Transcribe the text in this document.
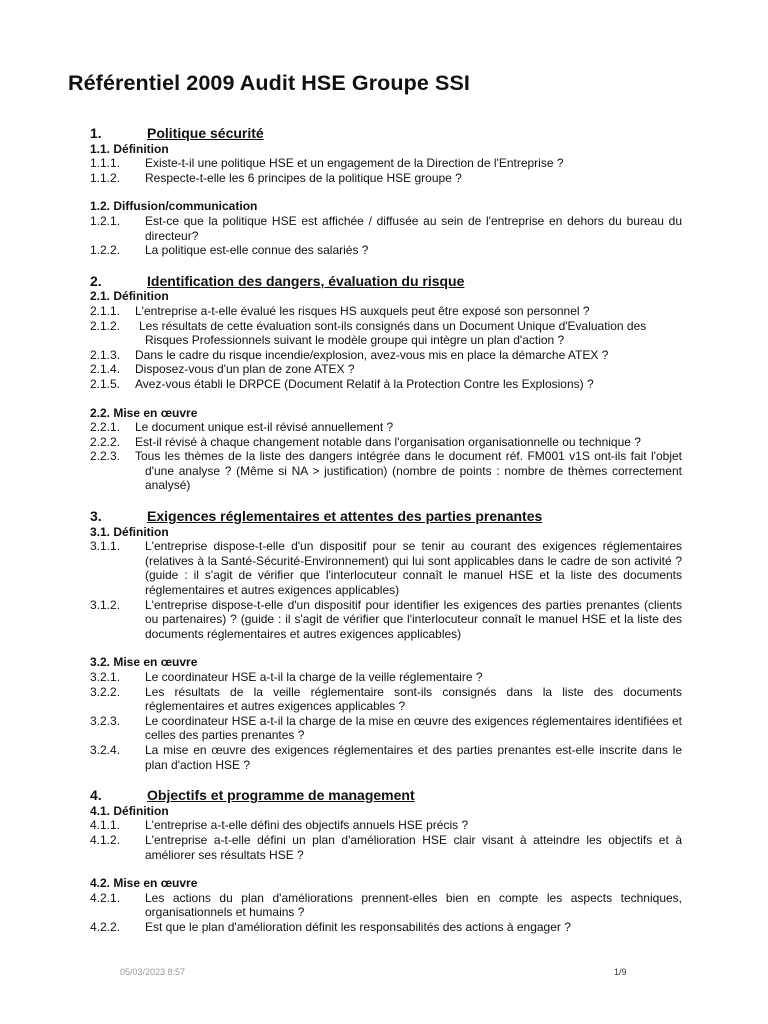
Référentiel 2009 Audit HSE Groupe SSI
1.	Politique sécurité
1.1. Définition
1.1.1.	Existe-t-il une politique HSE et un engagement de la Direction de l'Entreprise ?
1.1.2.	Respecte-t-elle les 6 principes de la politique HSE groupe ?
1.2. Diffusion/communication
1.2.1.	Est-ce que la politique HSE est affichée / diffusée au sein de l'entreprise en dehors du bureau du directeur?
1.2.2.	La politique est-elle connue des salariés ?
2.	Identification des dangers, évaluation du risque
2.1. Définition
2.1.1.	L'entreprise a-t-elle évalué les risques HS auxquels peut être exposé son personnel ?
2.1.2.	Les résultats de cette évaluation sont-ils consignés dans un Document Unique d'Evaluation des Risques Professionnels suivant le modèle groupe qui intègre un plan d'action ?
2.1.3.	Dans le cadre du risque incendie/explosion, avez-vous mis en place la démarche ATEX ?
2.1.4.	Disposez-vous d'un plan de zone ATEX ?
2.1.5.	Avez-vous établi le DRPCE (Document Relatif à la Protection Contre les Explosions) ?
2.2. Mise en œuvre
2.2.1.	Le document unique est-il révisé annuellement ?
2.2.2.	Est-il révisé à chaque changement notable dans l'organisation organisationnelle ou technique ?
2.2.3.	Tous les thèmes de la liste des dangers intégrée dans le document réf. FM001 v1S ont-ils fait l'objet d'une analyse ? (Même si NA > justification) (nombre de points : nombre de thèmes correctement analysé)
3.	Exigences réglementaires et attentes des parties prenantes
3.1. Définition
3.1.1.	L'entreprise dispose-t-elle d'un dispositif pour se tenir au courant des exigences réglementaires (relatives à la Santé-Sécurité-Environnement) qui lui sont applicables dans le cadre de son activité ? (guide : il s'agit de vérifier que l'interlocuteur connaît le manuel HSE et la liste des documents réglementaires et autres exigences applicables)
3.1.2.	L'entreprise dispose-t-elle d'un dispositif pour identifier les exigences des parties prenantes (clients ou partenaires) ? (guide : il s'agit de vérifier que l'interlocuteur connaît le manuel HSE et la liste des documents réglementaires et autres exigences applicables)
3.2. Mise en œuvre
3.2.1.	Le coordinateur HSE a-t-il la charge de la veille réglementaire ?
3.2.2.	Les résultats de la veille réglementaire sont-ils consignés dans la liste des documents réglementaires et autres exigences applicables ?
3.2.3.	Le coordinateur HSE a-t-il la charge de la mise en œuvre des exigences réglementaires identifiées et celles des parties prenantes ?
3.2.4.	La mise en œuvre des exigences réglementaires et des parties prenantes est-elle inscrite dans le plan d'action HSE ?
4.	Objectifs et programme de management
4.1. Définition
4.1.1.	L'entreprise a-t-elle défini des objectifs annuels HSE précis ?
4.1.2.	L'entreprise a-t-elle défini un plan d'amélioration HSE clair visant à atteindre les objectifs et à améliorer ses résultats HSE ?
4.2. Mise en œuvre
4.2.1.	Les actions du plan d'améliorations prennent-elles bien en compte les aspects techniques, organisationnels et humains ?
4.2.2.	Est que le plan d'amélioration définit les responsabilités des actions à engager ?
05/03/2023 8:57	1/9
